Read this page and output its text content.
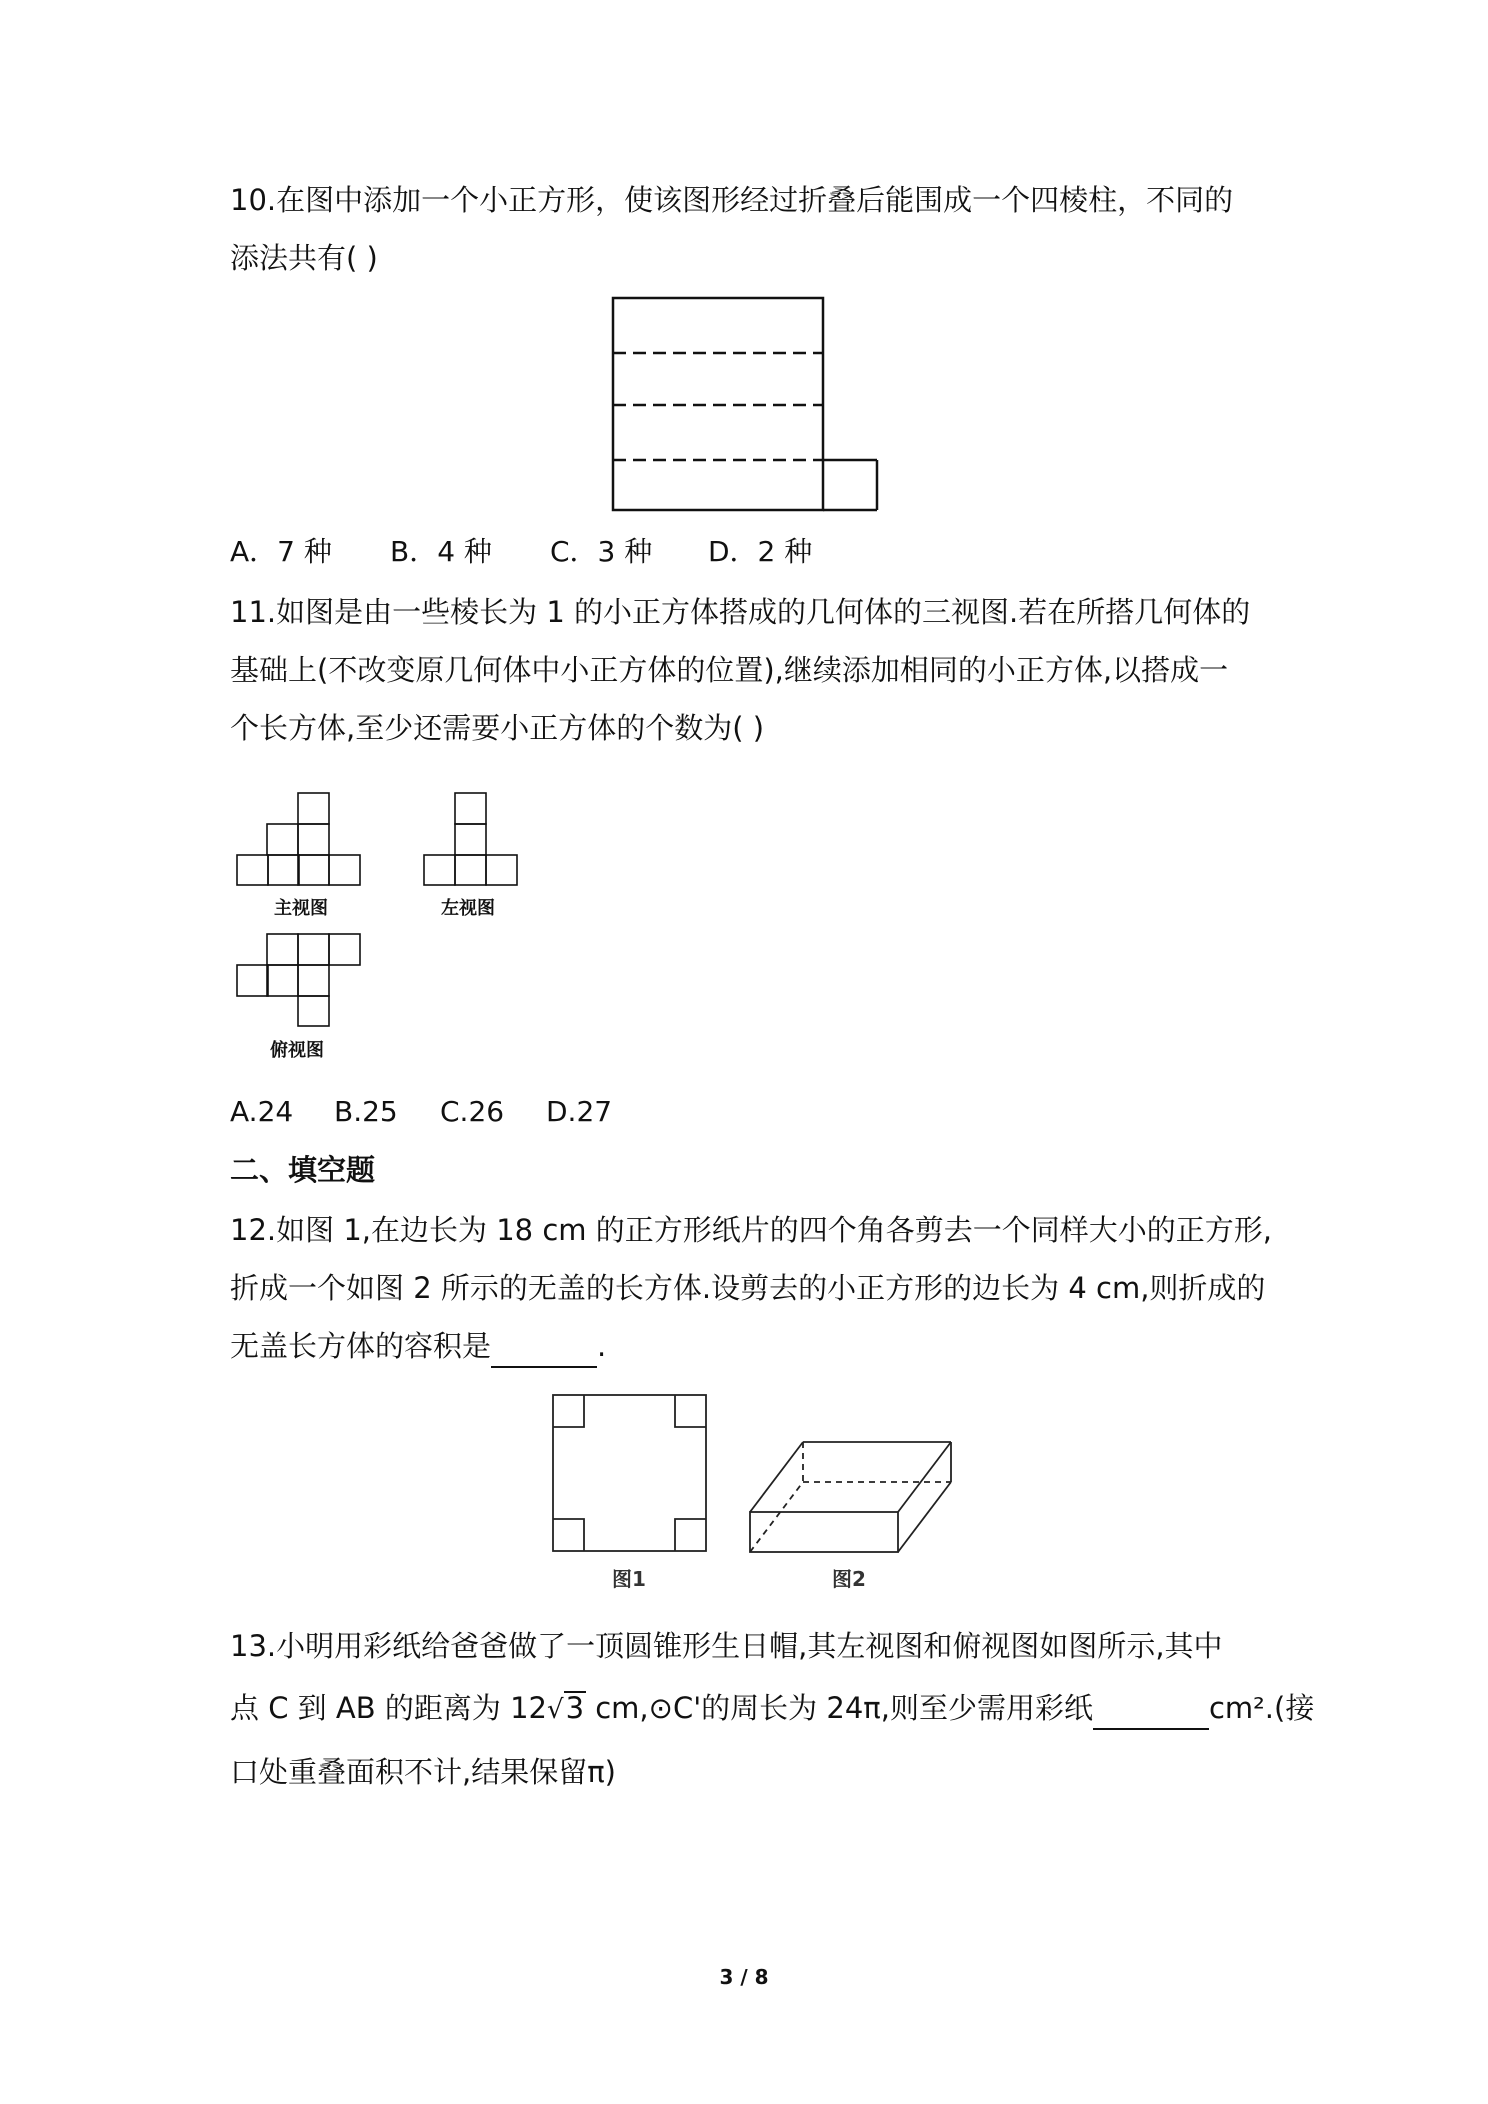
10.在图中添加一个小正方形，使该图形经过折叠后能围成一个四棱柱，不同的
添法共有( )
A．7 种 B．4 种 C．3 种 D．2 种
11.如图是由一些棱长为 1 的小正方体搭成的几何体的三视图.若在所搭几何体的
基础上(不改变原几何体中小正方体的位置),继续添加相同的小正方体,以搭成一
个长方体,至少还需要小正方体的个数为( )
主视图	左视图
俯视图
A.24 B.25 C.26 D.27
二、填空题
12.如图 1,在边长为 18 cm 的正方形纸片的四个角各剪去一个同样大小的正方形,
折成一个如图 2 所示的无盖的长方体.设剪去的小正方形的边长为 4 cm,则折成的
无盖长方体的容积是	.
图1	图2
13.小明用彩纸给爸爸做了一顶圆锥形生日帽,其左视图和俯视图如图所示,其中
点 C 到 AB 的距离为 12√3 cm,⊙C'的周长为 24π,则至少需用彩纸	cm².(接
口处重叠面积不计,结果保留π)
3 / 8
